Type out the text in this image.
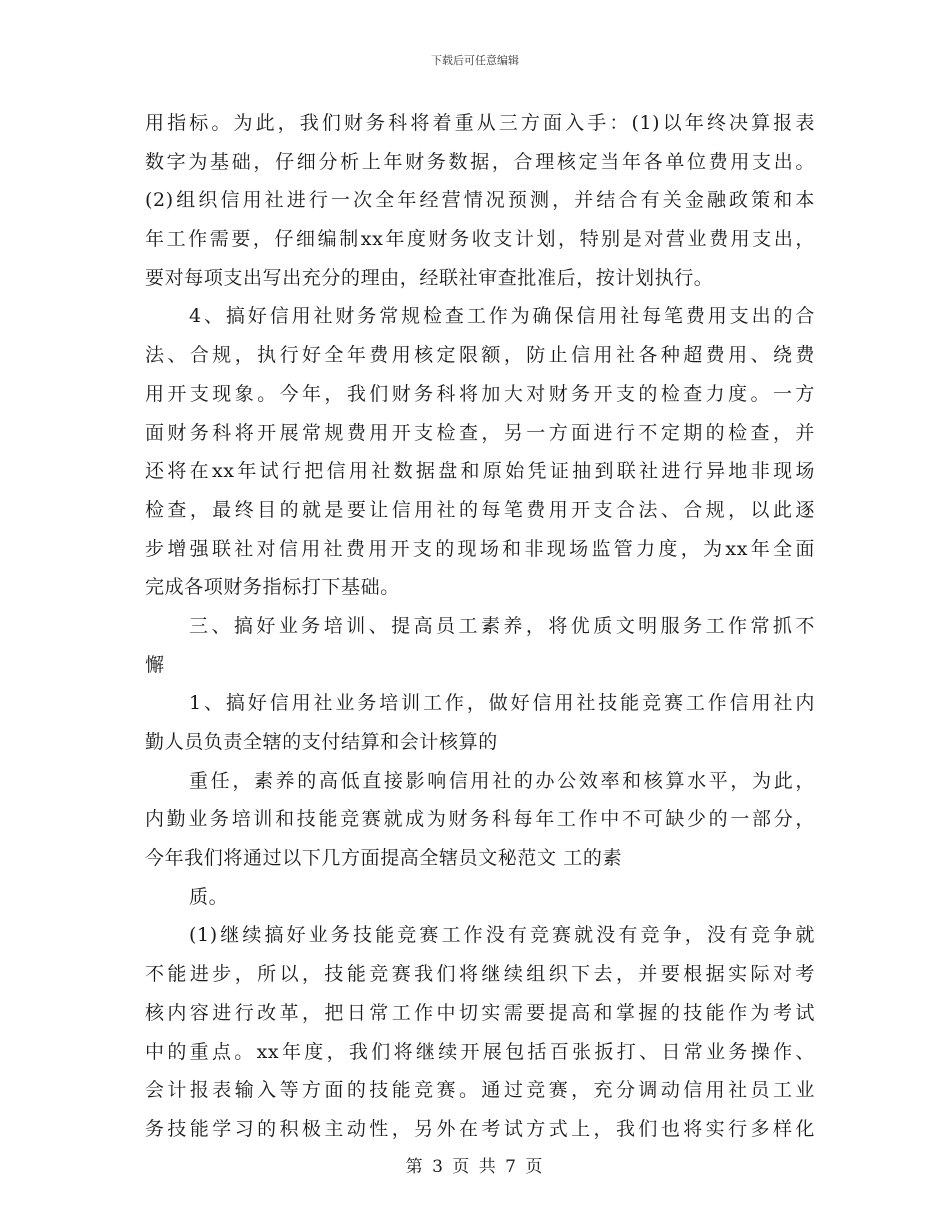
下载后可任意编辑
用指标。为此，我们财务科将着重从三方面入手：(1)以年终决算报表
数字为基础，仔细分析上年财务数据，合理核定当年各单位费用支出。
(2)组织信用社进行一次全年经营情况预测，并结合有关金融政策和本
年工作需要，仔细编制xx年度财务收支计划，特别是对营业费用支出，
要对每项支出写出充分的理由，经联社审查批准后，按计划执行。
4、搞好信用社财务常规检查工作为确保信用社每笔费用支出的合
法、合规，执行好全年费用核定限额，防止信用社各种超费用、绕费
用开支现象。今年，我们财务科将加大对财务开支的检查力度。一方
面财务科将开展常规费用开支检查，另一方面进行不定期的检查，并
还将在xx年试行把信用社数据盘和原始凭证抽到联社进行异地非现场
检查，最终目的就是要让信用社的每笔费用开支合法、合规，以此逐
步增强联社对信用社费用开支的现场和非现场监管力度，为xx年全面
完成各项财务指标打下基础。
三、搞好业务培训、提高员工素养，将优质文明服务工作常抓不
懈
1、搞好信用社业务培训工作，做好信用社技能竞赛工作信用社内
勤人员负责全辖的支付结算和会计核算的
重任，素养的高低直接影响信用社的办公效率和核算水平，为此，
内勤业务培训和技能竞赛就成为财务科每年工作中不可缺少的一部分，
今年我们将通过以下几方面提高全辖员文秘范文 工的素
质。
(1)继续搞好业务技能竞赛工作没有竞赛就没有竞争，没有竞争就
不能进步，所以，技能竞赛我们将继续组织下去，并要根据实际对考
核内容进行改革，把日常工作中切实需要提高和掌握的技能作为考试
中的重点。xx年度，我们将继续开展包括百张扳打、日常业务操作、
会计报表输入等方面的技能竞赛。通过竞赛，充分调动信用社员工业
务技能学习的积极主动性，另外在考试方式上，我们也将实行多样化
第 3 页 共 7 页
